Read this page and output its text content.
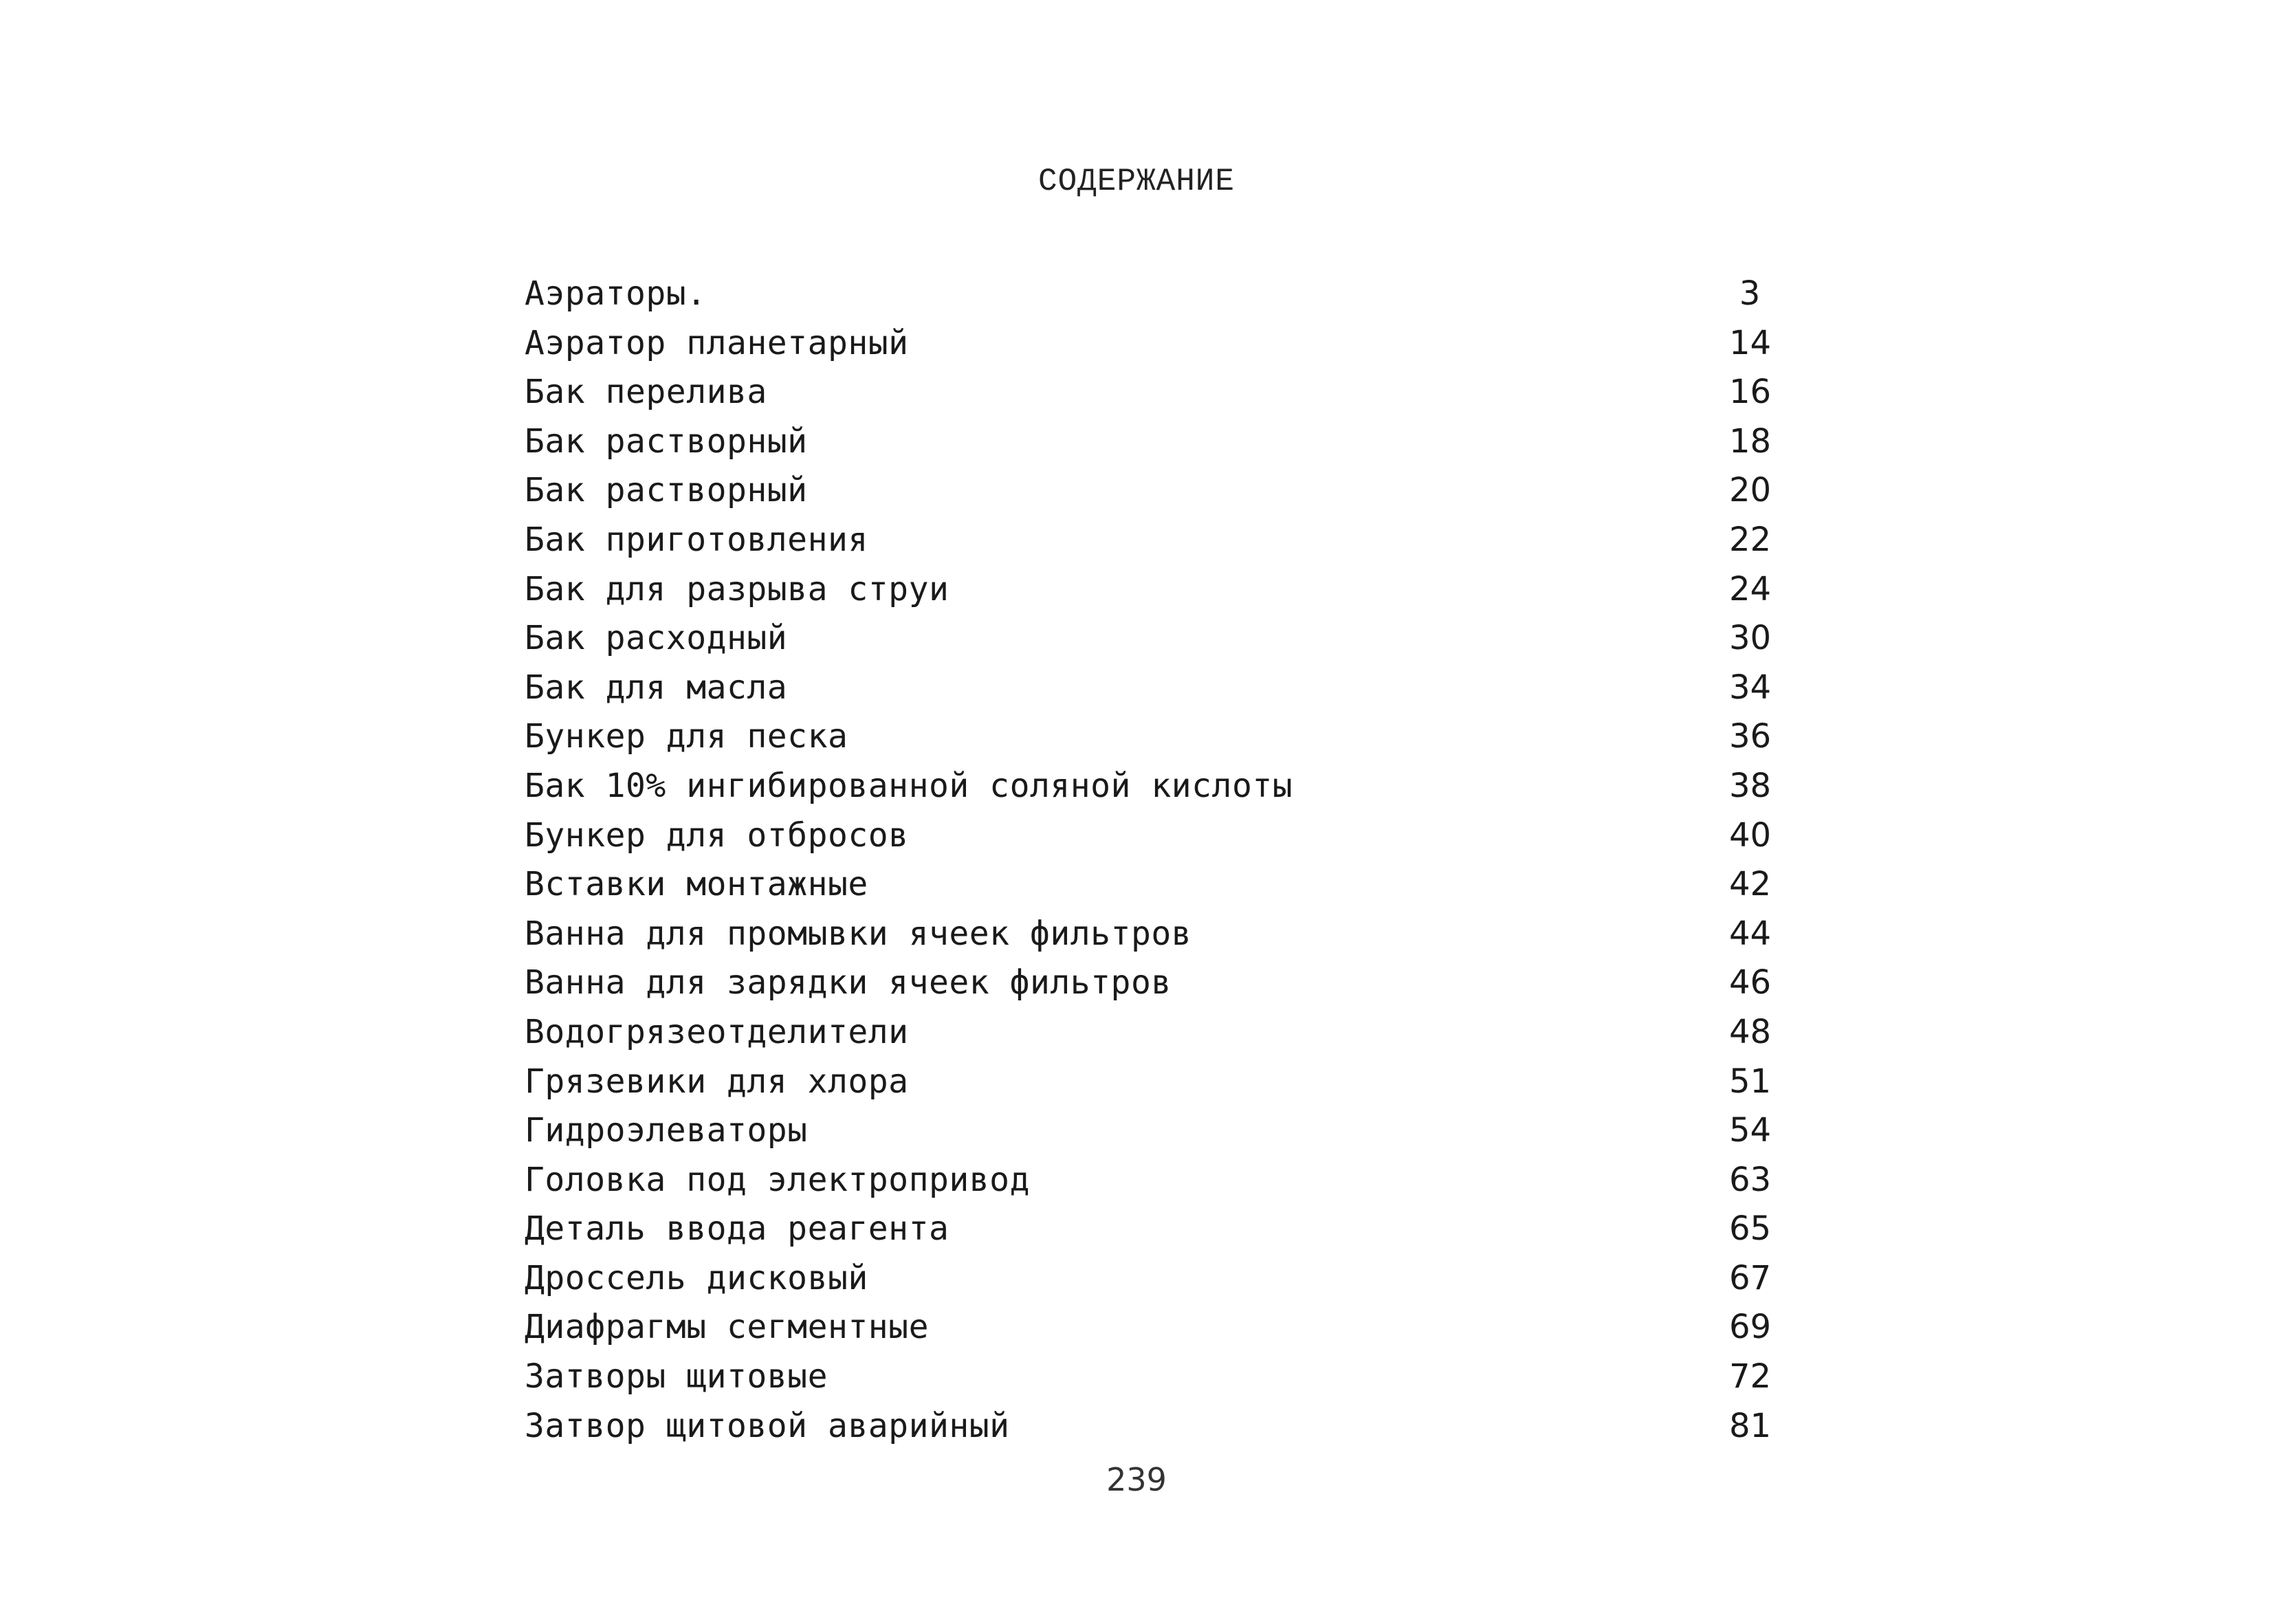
СОДЕРЖАНИЕ
Аэраторы.	3
Аэратор планетарный	14
Бак перелива	16
Бак растворный	18
Бак растворный	20
Бак приготовления	22
Бак для разрыва струи	24
Бак расходный	30
Бак для масла	34
Бункер для песка	36
Бак 10% ингибированной соляной кислоты	38
Бункер для отбросов	40
Вставки монтажные	42
Ванна для промывки ячеек фильтров	44
Ванна для зарядки ячеек фильтров	46
Водогрязеотделители	48
Грязевики для хлора	51
Гидроэлеваторы	54
Головка под электропривод	63
Деталь ввода реагента	65
Дроссель дисковый	67
Диафрагмы сегментные	69
Затворы щитовые	72
Затвор щитовой аварийный	81
239
